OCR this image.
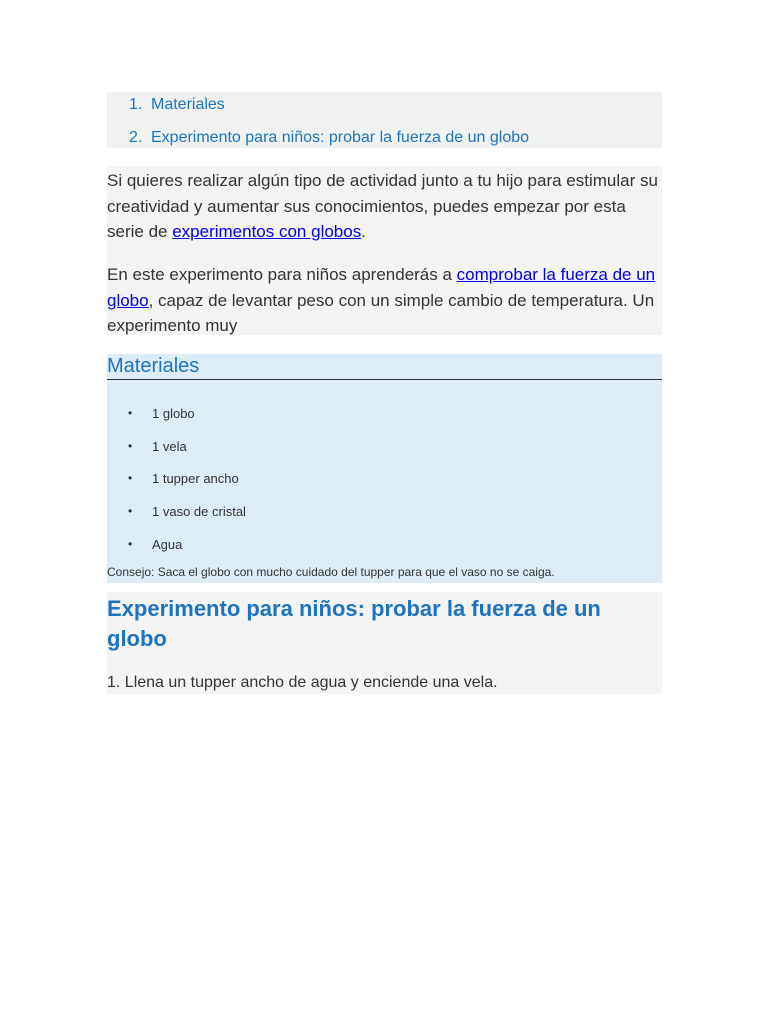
1. Materiales
2. Experimento para niños: probar la fuerza de un globo

Si quieres realizar algún tipo de actividad junto a tu hijo para estimular su creatividad y aumentar sus conocimientos, puedes empezar por esta serie de experimentos con globos.

En este experimento para niños aprenderás a comprobar la fuerza de un globo, capaz de levantar peso con un simple cambio de temperatura. Un experimento muy

Materiales
• 1 globo
• 1 vela
• 1 tupper ancho
• 1 vaso de cristal
• Agua
Consejo: Saca el globo con mucho cuidado del tupper para que el vaso no se caiga.
Experimento para niños: probar la fuerza de un globo
1. Llena un tupper ancho de agua y enciende una vela.
